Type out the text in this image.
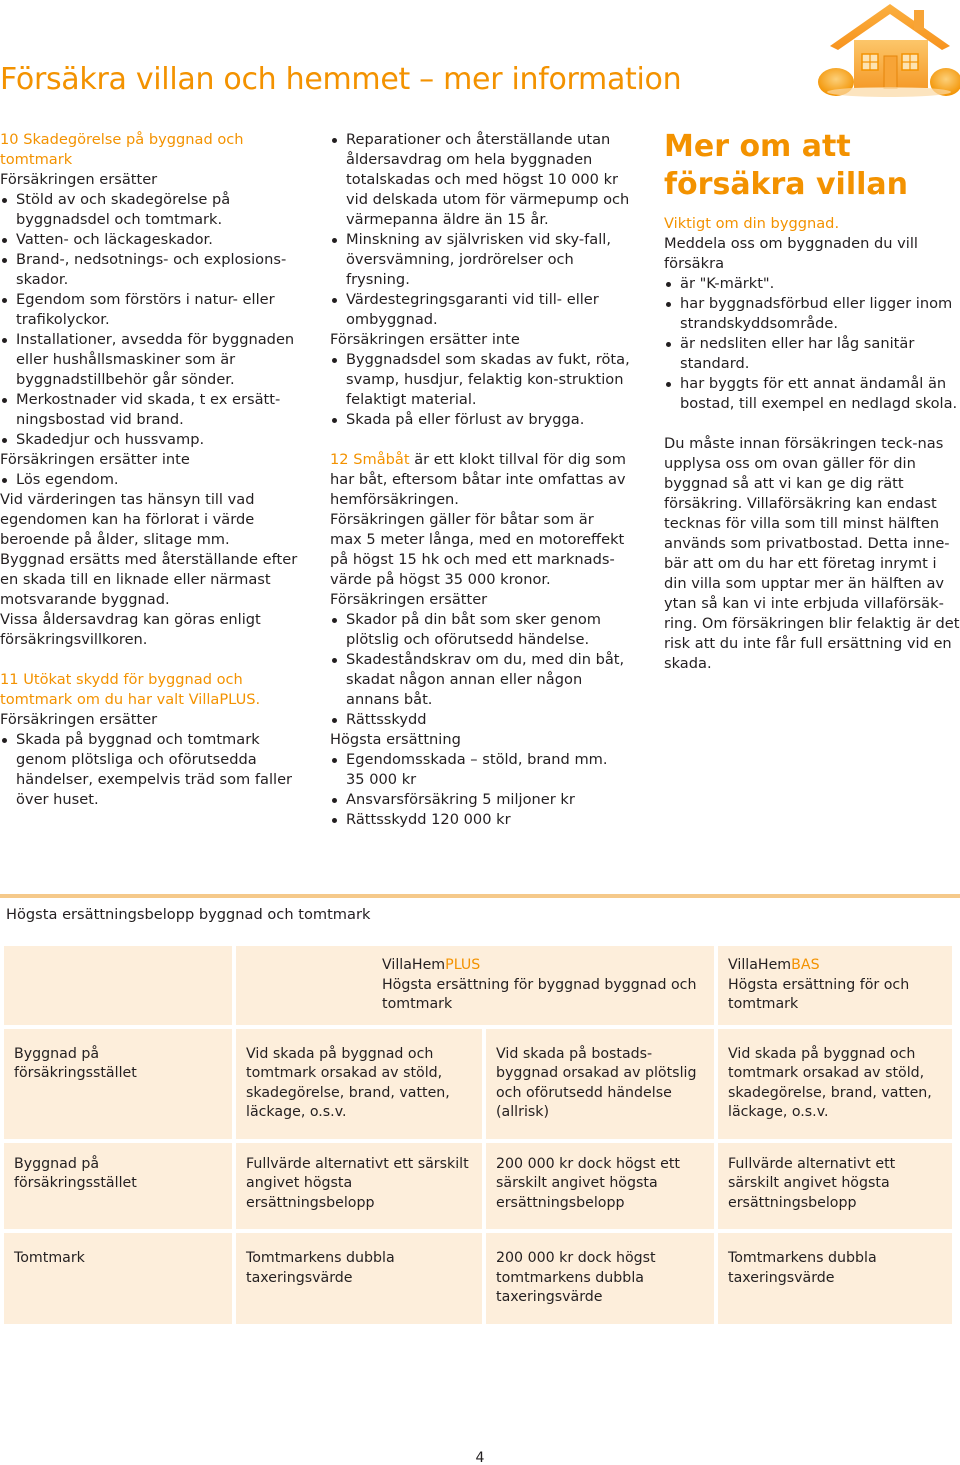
Försäkra villan och hemmet – mer information

10 Skadegörelse på byggnad och tomtmark

Försäkringen ersätter

Stöld av och skadegörelse på byggnadsdel och tomtmark.
Vatten- och läckageskador.
Brand-, nedsotnings- och explosions-skador.
Egendom som förstörs i natur- eller trafikolyckor.
Installationer, avsedda för byggnaden eller hushållsmaskiner som är byggnadstillbehör går sönder.
Merkostnader vid skada, t ex ersätt-ningsbostad vid brand.
Skadedjur och hussvamp.

Försäkringen ersätter inte

Lös egendom.

Vid värderingen tas hänsyn till vad egendomen kan ha förlorat i värde beroende på ålder, slitage mm.

Byggnad ersätts med återställande efter en skada till en liknade eller närmast motsvarande byggnad.

Vissa åldersavdrag kan göras enligt försäkringsvillkoren.

11 Utökat skydd för byggnad och tomtmark om du har valt VillaPLUS.

Försäkringen ersätter

Skada på byggnad och tomtmark genom plötsliga och oförutsedda händelser, exempelvis träd som faller över huset.
Reparationer och återställande utan åldersavdrag om hela byggnaden totalskadas och med högst 10 000 kr vid delskada utom för värmepump och värmepanna äldre än 15 år.
Minskning av självrisken vid sky-fall, översvämning, jordrörelser och frysning.
Värdestegringsgaranti vid till- eller ombyggnad.

Försäkringen ersätter inte

Byggnadsdel som skadas av fukt, röta, svamp, husdjur, felaktig kon-struktion felaktigt material.
Skada på eller förlust av brygga.

12 Småbåt är ett klokt tillval för dig som har båt, eftersom båtar inte omfattas av hemförsäkringen.

Försäkringen gäller för båtar som är max 5 meter långa, med en motoreffekt på högst 15 hk och med ett marknads-värde på högst 35 000 kronor.

Försäkringen ersätter

Skador på din båt som sker genom plötslig och oförutsedd händelse.
Skadeståndskrav om du, med din båt, skadat någon annan eller någon annans båt.
Rättsskydd

Högsta ersättning

Egendomsskada – stöld, brand mm. 35 000 kr
Ansvarsförsäkring 5 miljoner kr
Rättsskydd 120 000 kr
Mer om att försäkra villan

Viktigt om din byggnad.

Meddela oss om byggnaden du vill försäkra

är "K-märkt".
har byggnadsförbud eller ligger inom strandskyddsområde.
är nedsliten eller har låg sanitär standard.
har byggts för ett annat ändamål än bostad, till exempel en nedlagd skola.

Du måste innan försäkringen teck-nas upplysa oss om ovan gäller för din byggnad så att vi kan ge dig rätt försäkring. Villaförsäkring kan endast tecknas för villa som till minst hälften används som privatbostad. Detta inne-bär att om du har ett företag inrymt i din villa som upptar mer än hälften av ytan så kan vi inte erbjuda villaförsäk-ring. Om försäkringen blir felaktig är det risk att du inte får full ersättning vid en skada.

Högsta ersättningsbelopp byggnad och tomtmark

VillaHemPLUS
Högsta ersättning för byggnad byggnad och tomtmark
VillaHemBAS
Högsta ersättning för och tomtmark
Byggnad på försäkringsstället
Vid skada på byggnad och tomtmark orsakad av stöld, skadegörelse, brand, vatten, läckage, o.s.v.
Vid skada på bostads-byggnad orsakad av plötslig och oförutsedd händelse (allrisk)
Vid skada på byggnad och tomtmark orsakad av stöld, skadegörelse, brand, vatten, läckage, o.s.v.
Byggnad på försäkringsstället
Fullvärde alternativt ett särskilt angivet högsta ersättningsbelopp
200 000 kr dock högst ett särskilt angivet högsta ersättningsbelopp
Fullvärde alternativt ett särskilt angivet högsta ersättningsbelopp
Tomtmark	Tomtmarkens dubbla taxeringsvärde
200 000 kr dock högst tomtmarkens dubbla taxeringsvärde
Tomtmarkens dubbla taxeringsvärde
4
